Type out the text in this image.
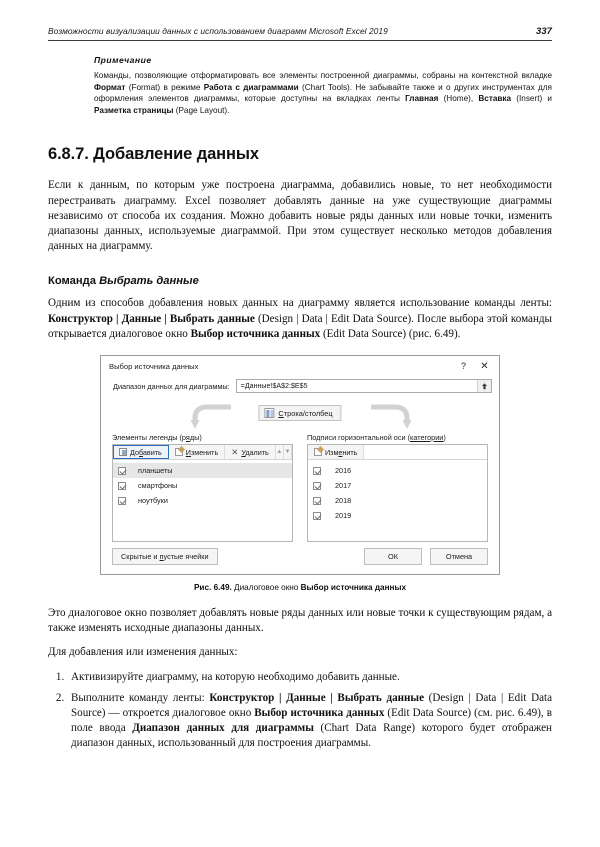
Возможности визуализации данных с использованием диаграмм Microsoft Excel 2019	337
Примечание
Команды, позволяющие отформатировать все элементы построенной диаграммы, собраны на контекстной вкладке Формат (Format) в режиме Работа с диаграммами (Chart Tools). Не забывайте также и о других инструментах для оформления элементов диаграммы, которые доступны на вкладках ленты Главная (Home), Вставка (Insert) и Разметка страницы (Page Layout).
6.8.7. Добавление данных

Если к данным, по которым уже построена диаграмма, добавились новые, то нет необходимости перестраивать диаграмму. Excel позволяет добавлять данные на уже существующие диаграммы независимо от способа их создания. Можно добавить новые ряды данных или новые точки, изменить диапазоны данных, используемые диаграммой. При этом существует несколько методов добавления данных на диаграмму.

Команда Выбрать данные

Одним из способов добавления новых данных на диаграмму является использование команды ленты: Конструктор | Данные | Выбрать данные (Design | Data | Edit Data Source). После выбора этой команды открывается диалоговое окно Выбор источника данных (Edit Data Source) (рис. 6.49).

Выбор источника данных	?	✕
Диапазон данных для диаграммы:	=Данные!$A$2:$E$5
Строка/столбец
Элементы легенды (ряды)
Добавить	Изменить ✕ Удалить ▲ ▼
планшеты
смартфоны
ноутбуки
Подписи горизонтальной оси (категории)
Изменить
2016
2017
2018
2019
Скрытые и пустые ячейки	ОК	Отмена
Рис. 6.49. Диалоговое окно Выбор источника данных

Это диалоговое окно позволяет добавлять новые ряды данных или новые точки к существующим рядам, а также изменять исходные диапазоны данных.

Для добавления или изменения данных:

1. Активизируйте диаграмму, на которую необходимо добавить данные.
2. Выполните команду ленты: Конструктор | Данные | Выбрать данные (Design | Data | Edit Data Source) — откроется диалоговое окно Выбор источника данных (Edit Data Source) (см. рис. 6.49), в поле ввода Диапазон данных для диаграммы (Chart Data Range) которого будет отображен диапазон данных, использованный для построения диаграммы.
